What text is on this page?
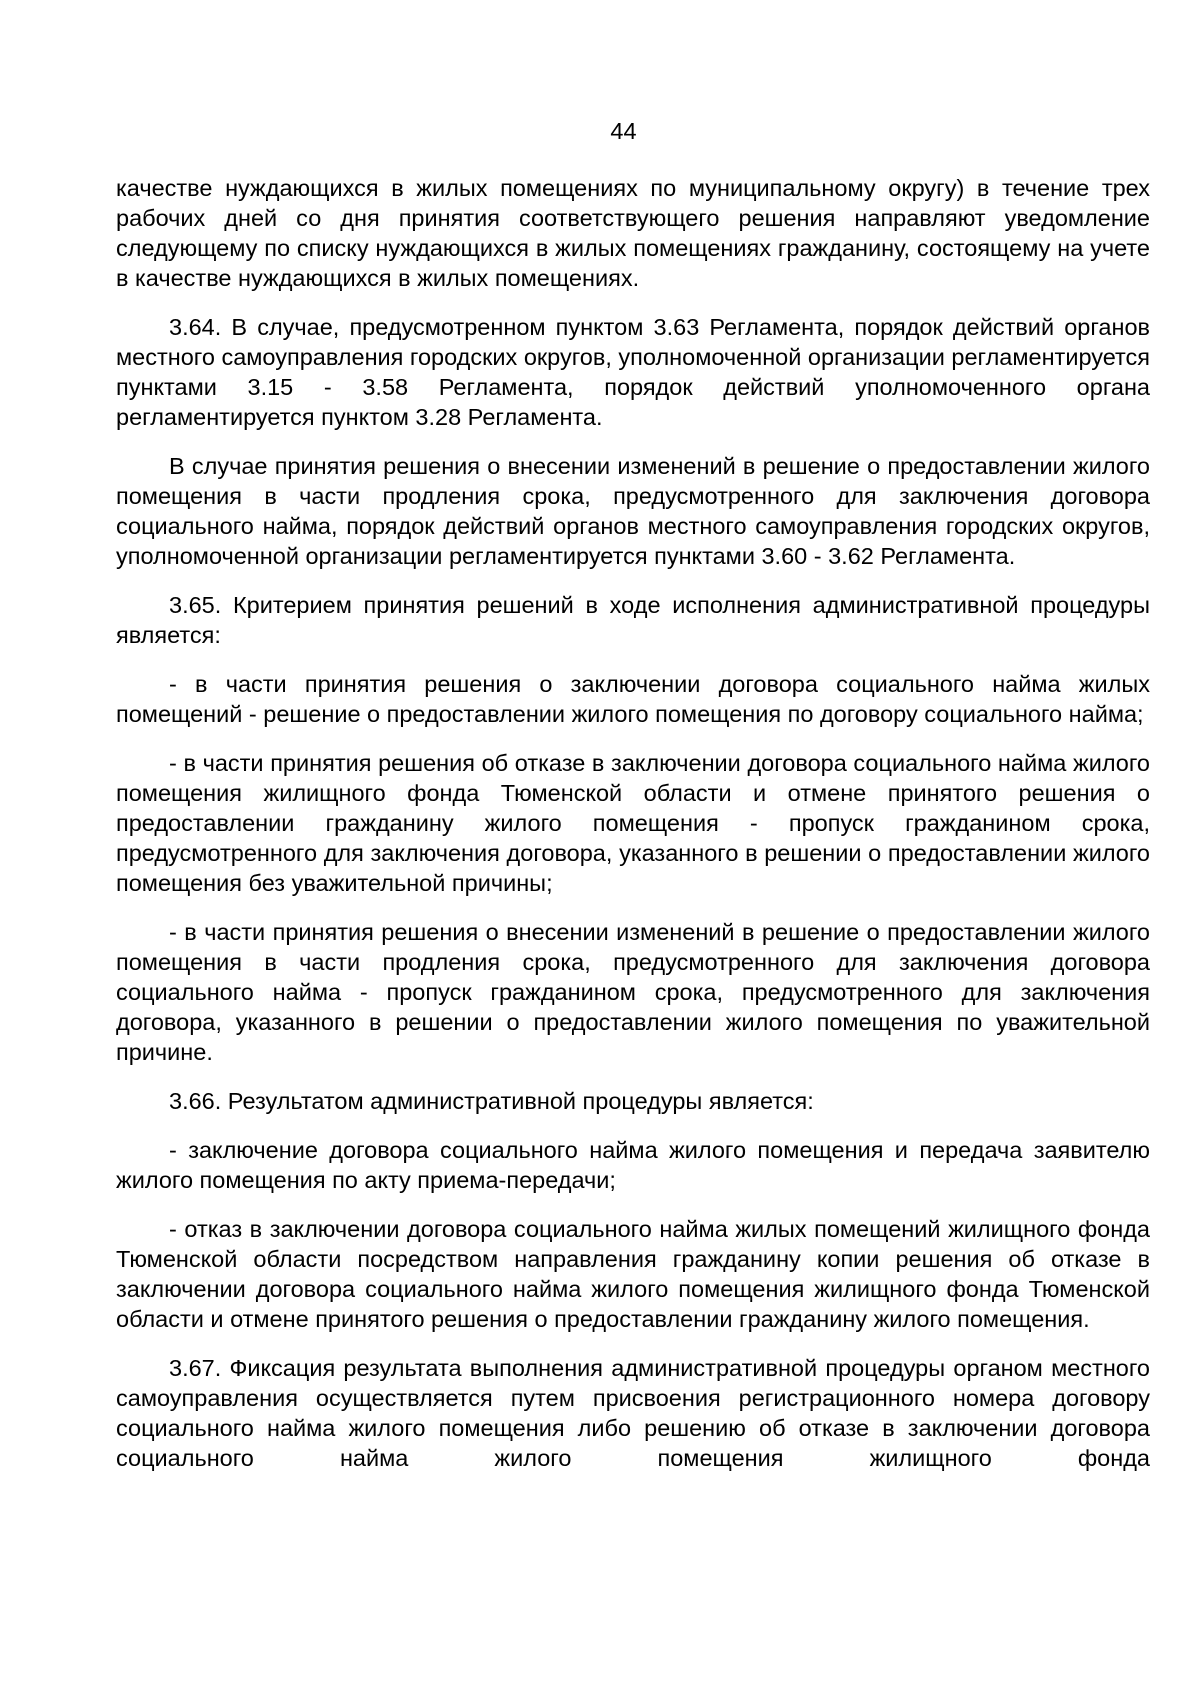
44

качестве нуждающихся в жилых помещениях по муниципальному округу) в течение трех рабочих дней со дня принятия соответствующего решения направляют уведомление следующему по списку нуждающихся в жилых помещениях гражданину, состоящему на учете в качестве нуждающихся в жилых помещениях.

3.64. В случае, предусмотренном пунктом 3.63 Регламента, порядок действий органов местного самоуправления городских округов, уполномоченной организации регламентируется пунктами 3.15 - 3.58 Регламента, порядок действий уполномоченного органа регламентируется пунктом 3.28 Регламента.

В случае принятия решения о внесении изменений в решение о предоставлении жилого помещения в части продления срока, предусмотренного для заключения договора социального найма, порядок действий органов местного самоуправления городских округов, уполномоченной организации регламентируется пунктами 3.60 - 3.62 Регламента.

3.65. Критерием принятия решений в ходе исполнения административной процедуры является:

- в части принятия решения о заключении договора социального найма жилых помещений - решение о предоставлении жилого помещения по договору социального найма;

- в части принятия решения об отказе в заключении договора социального найма жилого помещения жилищного фонда Тюменской области и отмене принятого решения о предоставлении гражданину жилого помещения - пропуск гражданином срока, предусмотренного для заключения договора, указанного в решении о предоставлении жилого помещения без уважительной причины;

- в части принятия решения о внесении изменений в решение о предоставлении жилого помещения в части продления срока, предусмотренного для заключения договора социального найма - пропуск гражданином срока, предусмотренного для заключения договора, указанного в решении о предоставлении жилого помещения по уважительной причине.

3.66. Результатом административной процедуры является:

- заключение договора социального найма жилого помещения и передача заявителю жилого помещения по акту приема-передачи;

- отказ в заключении договора социального найма жилых помещений жилищного фонда Тюменской области посредством направления гражданину копии решения об отказе в заключении договора социального найма жилого помещения жилищного фонда Тюменской области и отмене принятого решения о предоставлении гражданину жилого помещения.

3.67. Фиксация результата выполнения административной процедуры органом местного самоуправления осуществляется путем присвоения регистрационного номера договору социального найма жилого помещения либо решению об отказе в заключении договора социального найма жилого помещения жилищного фонда
